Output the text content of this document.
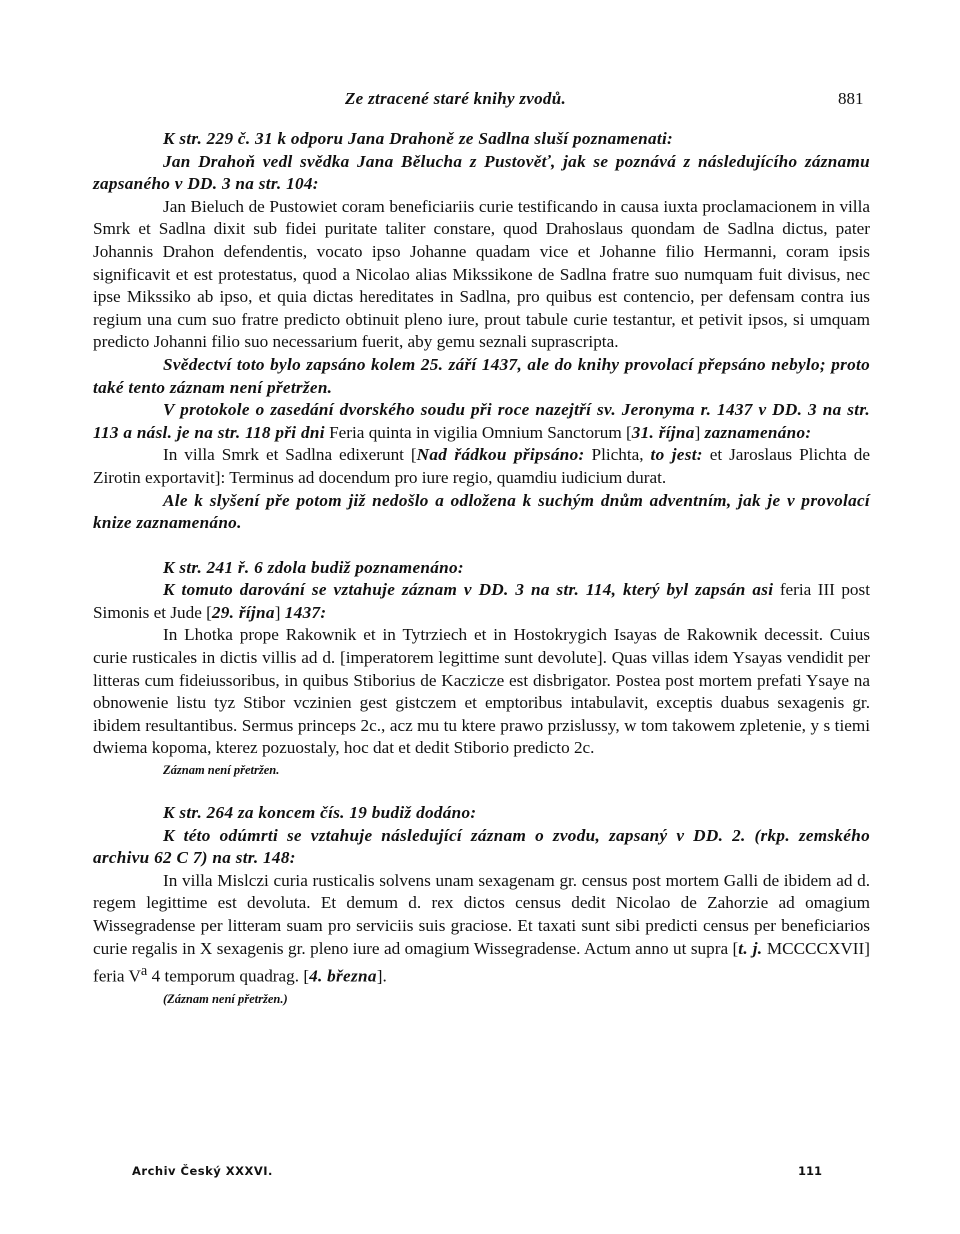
Ze ztracené staré knihy zvodů.	881

K str. 229 č. 31 k odporu Jana Drahoně ze Sadlna sluší poznamenati:

Jan Drahoň vedl svědka Jana Bělucha z Pustověť, jak se poznává z následujícího záznamu zapsaného v DD. 3 na str. 104:

Jan Bieluch de Pustowiet coram beneficiariis curie testificando in causa iuxta proclamacionem in villa Smrk et Sadlna dixit sub fidei puritate taliter constare, quod Drahoslaus quondam de Sadlna dictus, pater Johannis Drahon defendentis, vocato ipso Johanne quadam vice et Johanne filio Hermanni, coram ipsis significavit et est protestatus, quod a Nicolao alias Mikssikone de Sadlna fratre suo numquam fuit divisus, nec ipse Mikssiko ab ipso, et quia dictas hereditates in Sadlna, pro quibus est contencio, per defensam contra ius regium una cum suo fratre predicto obtinuit pleno iure, prout tabule curie testantur, et petivit ipsos, si umquam predicto Johanni filio suo necessarium fuerit, aby gemu seznali suprascripta.

Svědectví toto bylo zapsáno kolem 25. září 1437, ale do knihy provolací přepsáno nebylo; proto také tento záznam není přetržen.

V protokole o zasedání dvorského soudu při roce nazejtří sv. Jeronyma r. 1437 v DD. 3 na str. 113 a násl. je na str. 118 při dni Feria quinta in vigilia Omnium Sanctorum [31. října] zaznamenáno:

In villa Smrk et Sadlna edixerunt [Nad řádkou připsáno: Plichta, to jest: et Jaroslaus Plichta de Zirotin exportavit]: Terminus ad docendum pro iure regio, quamdiu iudicium durat.

Ale k slyšení pře potom již nedošlo a odložena k suchým dnům adventním, jak je v provolací knize zaznamenáno.

K str. 241 ř. 6 zdola budiž poznamenáno:

K tomuto darování se vztahuje záznam v DD. 3 na str. 114, který byl zapsán asi feria III post Simonis et Jude [29. října] 1437:

In Lhotka prope Rakownik et in Tytrziech et in Hostokrygich Isayas de Rakownik decessit. Cuius curie rusticales in dictis villis ad d. [imperatorem legittime sunt devolute]. Quas villas idem Ysayas vendidit per litteras cum fideiussoribus, in quibus Stiborius de Kaczicze est disbrigator. Postea post mortem prefati Ysaye na obnowenie listu tyz Stibor vczinien gest gistczem et emptoribus intabulavit, exceptis duabus sexagenis gr. ibidem resultantibus. Sermus princeps 2c., acz mu tu ktere prawo przislussy, w tom takowem zpletenie, y s tiemi dwiema kopoma, kterez pozuostaly, hoc dat et dedit Stiborio predicto 2c.

Záznam není přetržen.

K str. 264 za koncem čís. 19 budiž dodáno:

K této odúmrti se vztahuje následující záznam o zvodu, zapsaný v DD. 2. (rkp. zemského archivu 62 C 7) na str. 148:

In villa Mislczi curia rusticalis solvens unam sexagenam gr. census post mortem Galli de ibidem ad d. regem legittime est devoluta. Et demum d. rex dictos census dedit Nicolao de Zahorzie ad omagium Wissegradense per litteram suam pro serviciis suis graciose. Et taxati sunt sibi predicti census per beneficiarios curie regalis in X sexagenis gr. pleno iure ad omagium Wissegradense. Actum anno ut supra [t. j. MCCCCXVII] feria $V^a$ 4 temporum quadrag. [4. března].

(Záznam není přetržen.)

Archiv Český XXXVI.	111
